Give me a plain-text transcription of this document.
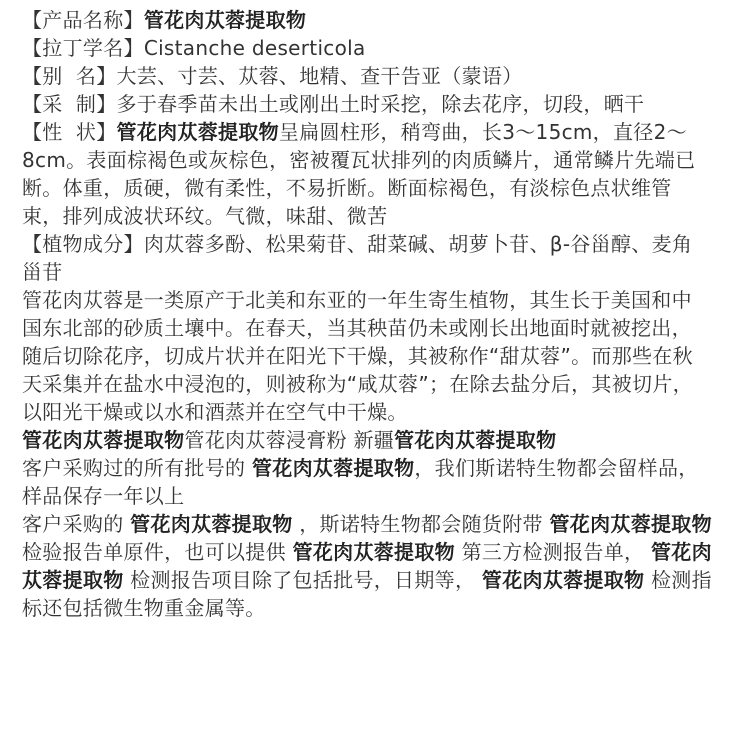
【产品名称】管花肉苁蓉提取物

【拉丁学名】Cistanche deserticola

【别  名】大芸、寸芸、苁蓉、地精、查干告亚（蒙语）

【采  制】多于春季苗未出土或刚出土时采挖，除去花序，切段，晒干

【性  状】管花肉苁蓉提取物呈扁圆柱形，稍弯曲，长3～15cm，直径2～8cm。表面棕褐色或灰棕色，密被覆瓦状排列的肉质鳞片，通常鳞片先端已断。体重，质硬，微有柔性，不易折断。断面棕褐色，有淡棕色点状维管束，排列成波状环纹。气微，味甜、微苦

【植物成分】肉苁蓉多酚、松果菊苷、甜菜碱、胡萝卜苷、β-谷甾醇、麦角甾苷

管花肉苁蓉是一类原产于北美和东亚的一年生寄生植物，其生长于美国和中国东北部的砂质土壤中。在春天，当其秧苗仍未或刚长出地面时就被挖出，随后切除花序，切成片状并在阳光下干燥，其被称作“甜苁蓉”。而那些在秋天采集并在盐水中浸泡的，则被称为“咸苁蓉”；在除去盐分后，其被切片，以阳光干燥或以水和酒蒸并在空气中干燥。

管花肉苁蓉提取物管花肉苁蓉浸膏粉 新疆管花肉苁蓉提取物

客户采购过的所有批号的 管花肉苁蓉提取物，我们斯诺特生物都会留样品，样品保存一年以上

客户采购的 管花肉苁蓉提取物 ，斯诺特生物都会随货附带 管花肉苁蓉提取物 检验报告单原件，也可以提供 管花肉苁蓉提取物 第三方检测报告单， 管花肉苁蓉提取物 检测报告项目除了包括批号，日期等， 管花肉苁蓉提取物 检测指标还包括微生物重金属等。
